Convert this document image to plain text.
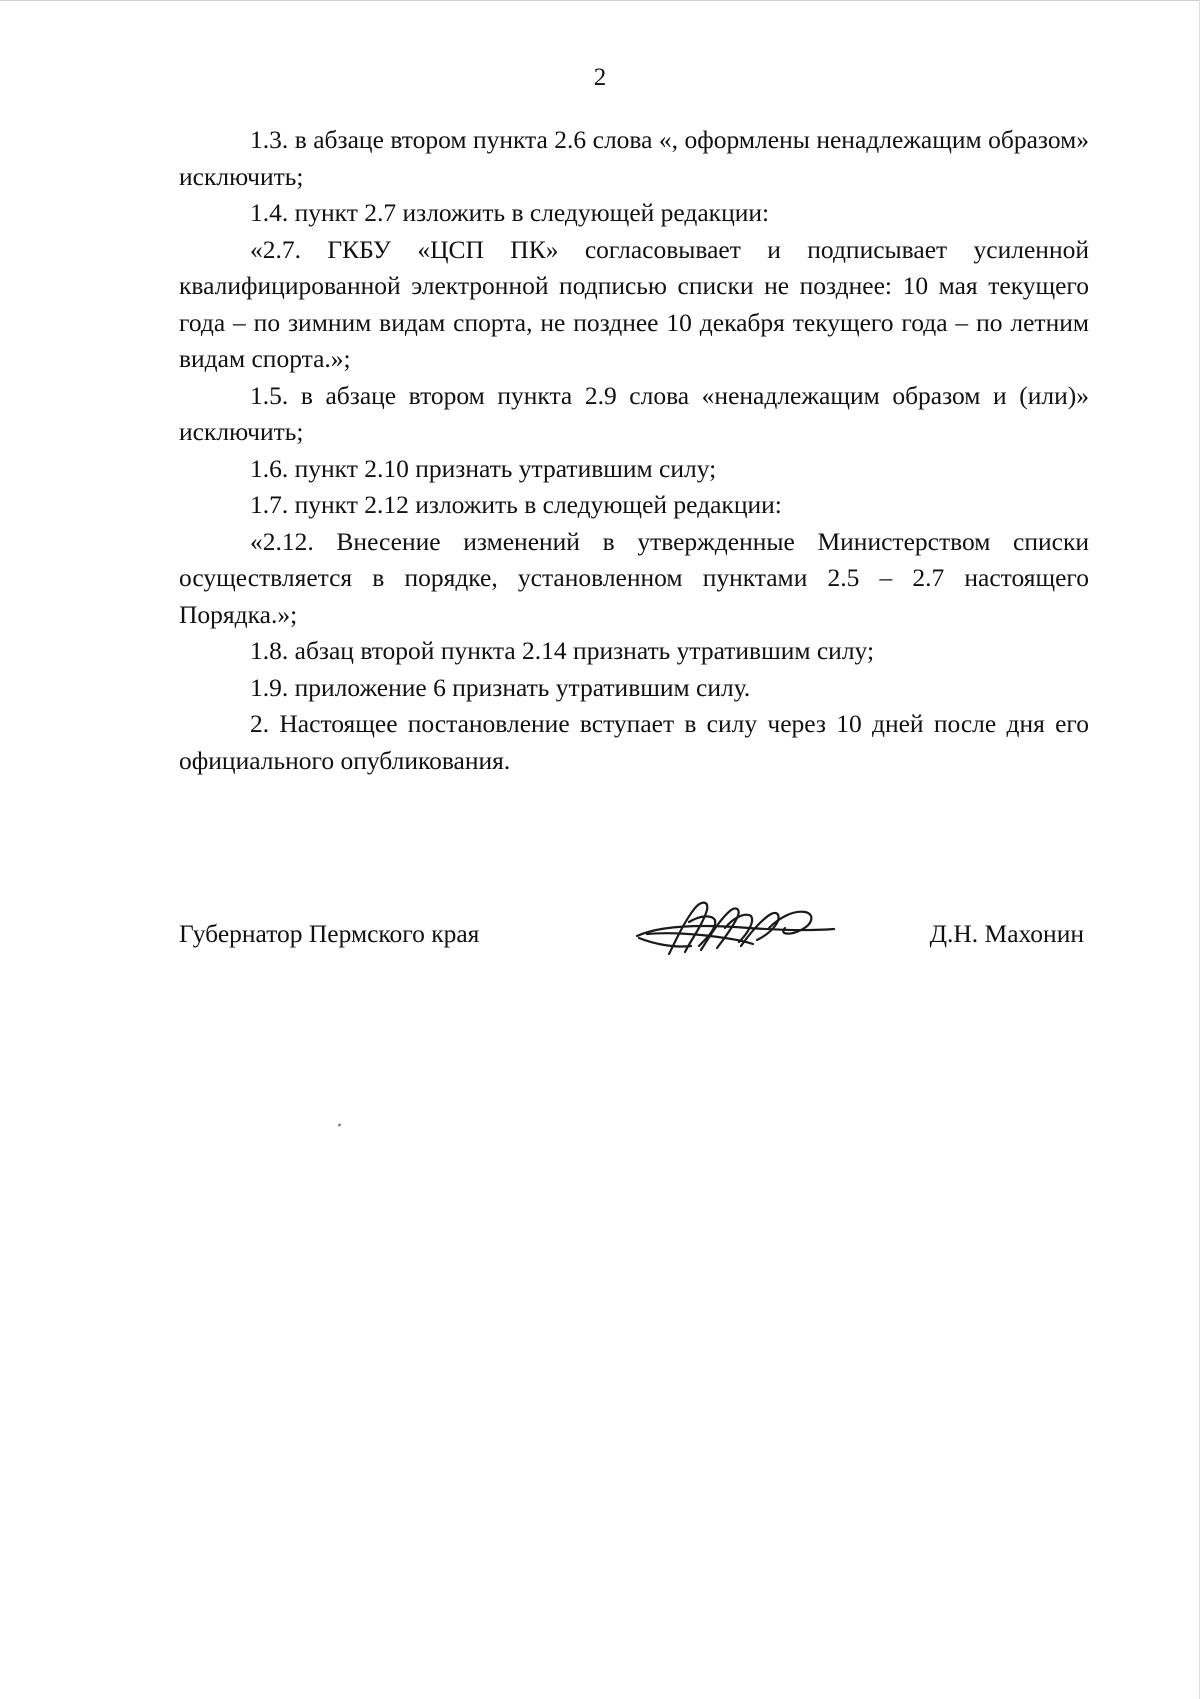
2

1.3. в абзаце втором пункта 2.6 слова «, оформлены ненадлежащим образом» исключить;

1.4. пункт 2.7 изложить в следующей редакции:

«2.7. ГКБУ «ЦСП ПК» согласовывает и подписывает усиленной квалифицированной электронной подписью списки не позднее: 10 мая текущего года – по зимним видам спорта, не позднее 10 декабря текущего года – по летним видам спорта.»;

1.5. в абзаце втором пункта 2.9 слова «ненадлежащим образом и (или)» исключить;

1.6. пункт 2.10 признать утратившим силу;

1.7. пункт 2.12 изложить в следующей редакции:

«2.12. Внесение изменений в утвержденные Министерством списки осуществляется в порядке, установленном пунктами 2.5 – 2.7 настоящего Порядка.»;

1.8. абзац второй пункта 2.14 признать утратившим силу;

1.9. приложение 6 признать утратившим силу.

2. Настоящее постановление вступает в силу через 10 дней после дня его официального опубликования.

Губернатор Пермского края	Д.Н. Махонин
